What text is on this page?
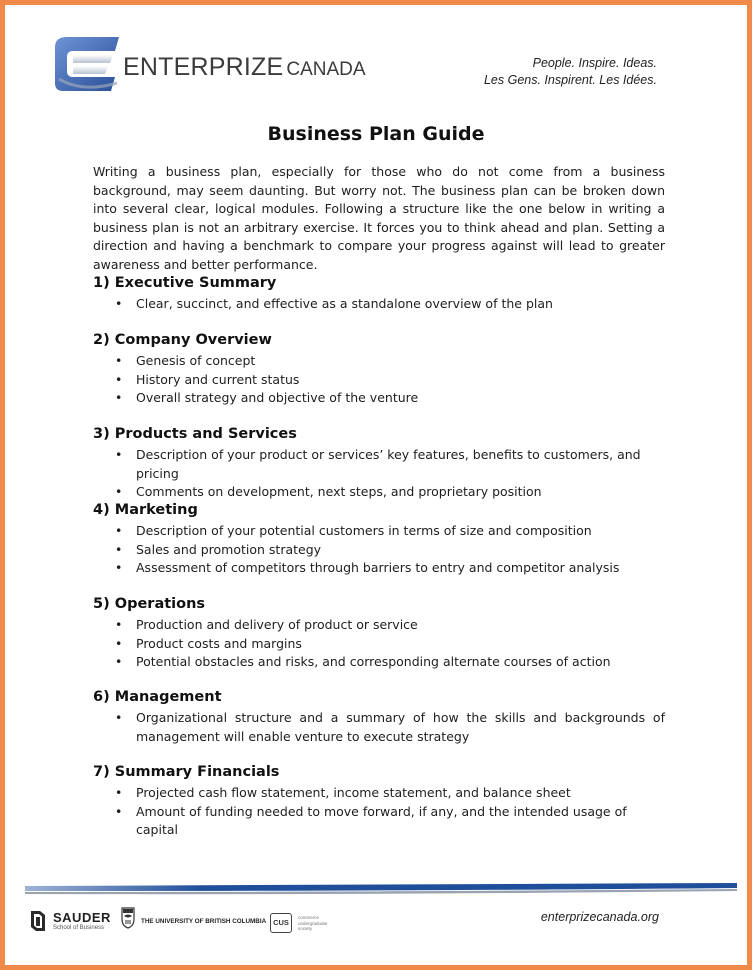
ENTERPRIZE CANADA	People. Inspire. Ideas.
Les Gens. Inspirent. Les Idées.
Business Plan Guide

Writing a business plan, especially for those who do not come from a business background, may seem daunting. But worry not. The business plan can be broken down into several clear, logical modules. Following a structure like the one below in writing a business plan is not an arbitrary exercise. It forces you to think ahead and plan. Setting a direction and having a benchmark to compare your progress against will lead to greater awareness and better performance.

1) Executive Summary
• Clear, succinct, and effective as a standalone overview of the plan
2) Company Overview
• Genesis of concept
• History and current status
• Overall strategy and objective of the venture
3) Products and Services
• Description of your product or services’ key features, benefits to customers, and pricing
• Comments on development, next steps, and proprietary position
4) Marketing
• Description of your potential customers in terms of size and composition
• Sales and promotion strategy
• Assessment of competitors through barriers to entry and competitor analysis
5) Operations
• Production and delivery of product or service
• Product costs and margins
• Potential obstacles and risks, and corresponding alternate courses of action
6) Management
• Organizational structure and a summary of how the skills and backgrounds of management will enable venture to execute strategy
7) Summary Financials
• Projected cash flow statement, income statement, and balance sheet
• Amount of funding needed to move forward, if any, and the intended usage of capital
SAUDER
School of Business
THE UNIVERSITY OF BRITISH COLUMBIA CUS
commerce undergraduate society
enterprizecanada.org
